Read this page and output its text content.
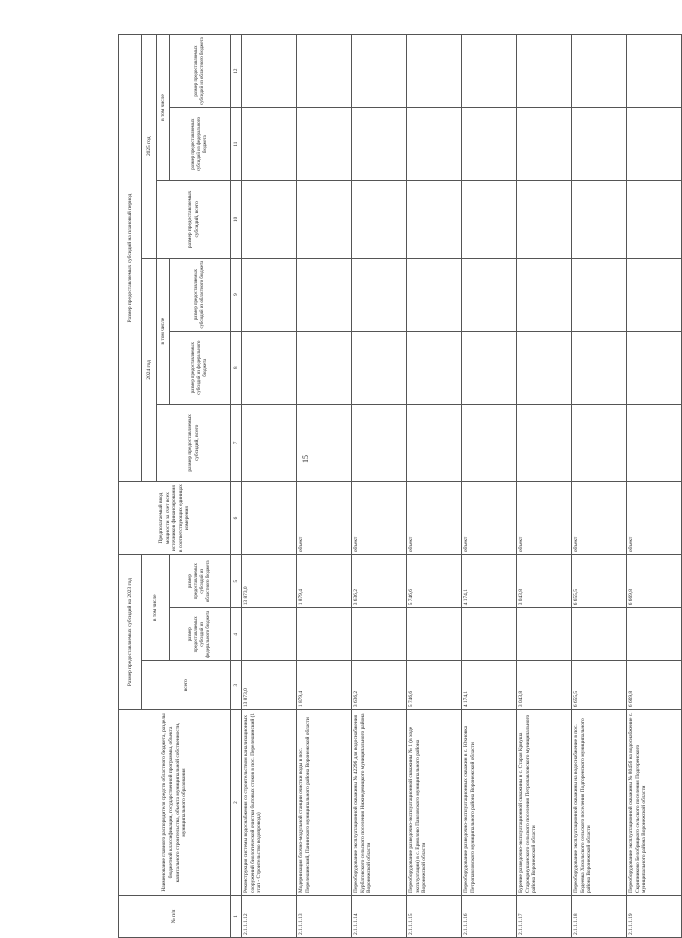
15
№ п/п	Наименование главного распорядителя средств областного бюджета, разделы бюджетной классификации, государственной программы, объекта капитального строительства, объекта муниципальной собственности, муниципального образования	Размер предоставляемых субсидий на 2023 год			Предполагаемый ввод мощности за счет всех источников финансирования в соответствующих единицах измерения	Размер предоставляемых субсидий на плановый период					
		всего	в том числе			2024 год			2025 год		
						размер предоставляемых субсидий, всего	в том числе		размер предоставляемых субсидий, всего	в том числе	
			размер предоставляемых субсидий из федерального бюджета	размер предоставляемых субсидий из областного бюджета			размер предоставляемых субсидий из федерального бюджета	размер предоставляемых субсидий из областного бюджета		размер предоставляемых субсидий из федерального бюджета	размер предоставляемых субсидий из областного бюджета
1	2	3	4	5	6	7	8	9	10	11	12
2.1.1.1.12	Реконструкция системы водоснабжения со строительством канализационных сооружений биологической очистки бытовых стоков в пос. Перелешинский (1 этап - Строительство водопровода)	13 873,0		13 873,0							
2.1.1.1.13	Модернизация блочно-модульной станции очистки воды в пос. Перелешинский, Панинского муниципального района Воронежской области	1 879,4		1 879,4	объект						
2.1.1.1.14	Переоборудование эксплуатационной скважины № 42296 для водоснабжения Курбатовского сельского поселения Нижнедевицкого муниципального района Воронежской области	3 636,2		3 636,2	объект						
2.1.1.1.15	Переоборудование разведочно-эксплуатационной скважины № 1 (в ходе эксплуатации) в с. Ермолово Павловского муниципального района Воронежской области	5 746,6		5 746,6	объект						
2.1.1.1.16	Переоборудование разведочно-эксплуатационных скважин в с. Юхновка Петропавловского муниципального района Воронежской области	4 174,1		4 174,1	объект						
2.1.1.1.17	Бурение разведочно-эксплуатационной скважины в с. Старая Криуша Старокриушанского сельского поселения Петропавловского муниципального района Воронежской области	3 043,8		3 043,8	объект						
2.1.1.1.18	Переоборудование эксплуатационной скважины на водоснабжение в пос. Бодеевка Хохольского сельского поселения Подгоренского муниципального района Воронежской области	6 655,5		6 655,5	объект						
2.1.1.1.19	Переоборудование эксплуатационной скважины № 80456 на водоснабжение с. Скрипниково Белобрицкого сельского поселения Подгоренского муниципального района Воронежской области	6 669,8		6 669,8	объект						
